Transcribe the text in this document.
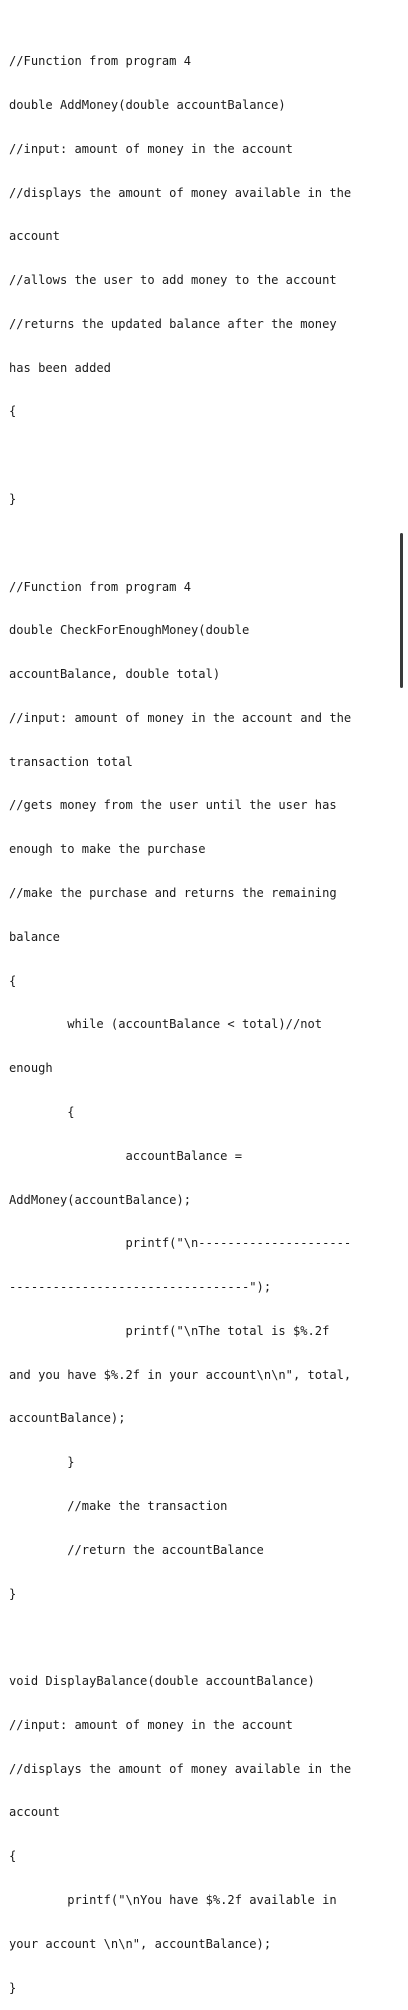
//Function from program 4

double AddMoney(double accountBalance)

//input: amount of money in the account

//displays the amount of money available in the

account

//allows the user to add money to the account

//returns the updated balance after the money

has been added

{

}

//Function from program 4

double CheckForEnoughMoney(double

accountBalance, double total)

//input: amount of money in the account and the

transaction total

//gets money from the user until the user has

enough to make the purchase

//make the purchase and returns the remaining

balance

{

while (accountBalance < total)//not

enough

{

accountBalance =

AddMoney(accountBalance);

printf("\n---------------------

---------------------------------");

printf("\nThe total is $%.2f

and you have $%.2f in your account\n\n", total,

accountBalance);

}

//make the transaction

//return the accountBalance

}

void DisplayBalance(double accountBalance)

//input: amount of money in the account

//displays the amount of money available in the

account

{

printf("\nYou have $%.2f available in

your account \n\n", accountBalance);

}
